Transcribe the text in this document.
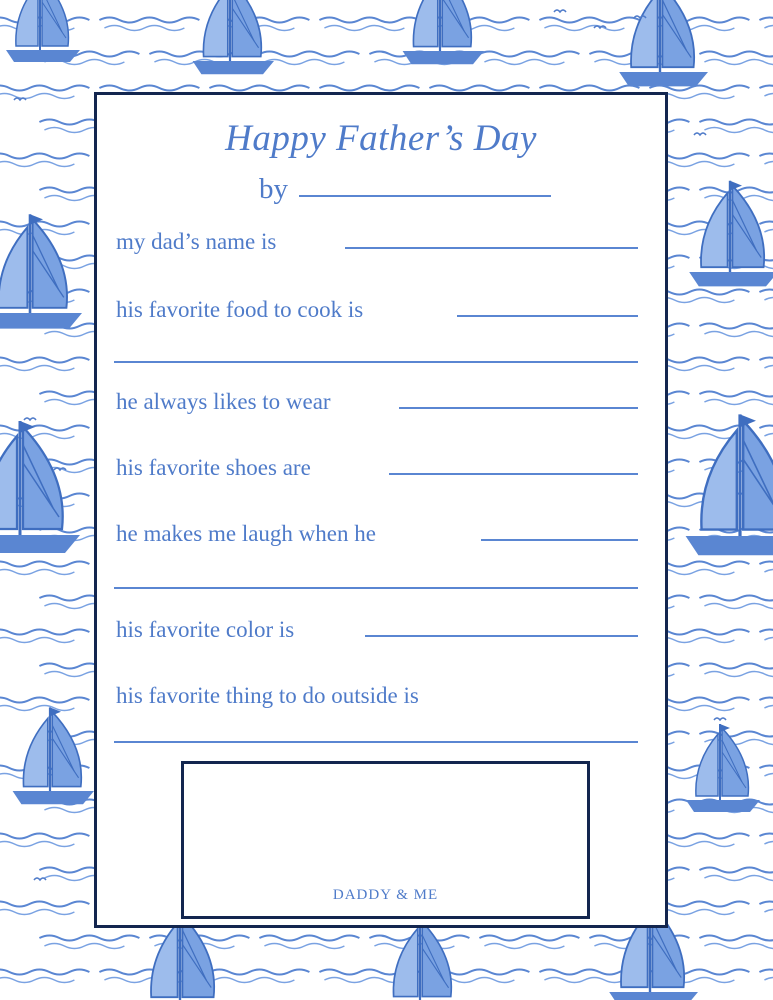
Happy Father’s Day
by
my dad’s name is
his favorite food to cook is
he always likes to wear
his favorite shoes are
he makes me laugh when he
his favorite color is
his favorite thing to do outside is
DADDY & ME
